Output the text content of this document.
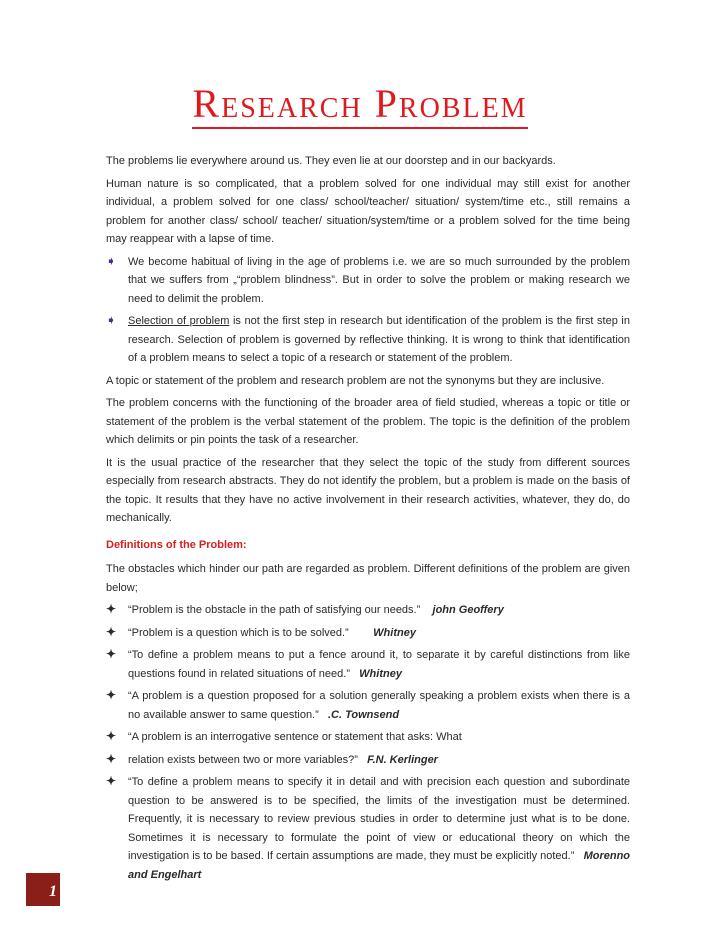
Research Problem

The problems lie everywhere around us. They even lie at our doorstep and in our backyards.

Human nature is so complicated, that a problem solved for one individual may still exist for another individual, a problem solved for one class/ school/teacher/ situation/ system/time etc., still remains a problem for another class/ school/ teacher/ situation/system/time or a problem solved for the time being may reappear with a lapse of time.

➧	We become habitual of living in the age of problems i.e. we are so much surrounded by the problem that we suffers from „“problem blindness”. But in order to solve the problem or making research we need to delimit the problem.

➧	Selection of problem is not the first step in research but identification of the problem is the first step in research. Selection of problem is governed by reflective thinking. It is wrong to think that identification of a problem means to select a topic of a research or statement of the problem.

A topic or statement of the problem and research problem are not the synonyms but they are inclusive.

The problem concerns with the functioning of the broader area of field studied, whereas a topic or title or statement of the problem is the verbal statement of the problem. The topic is the definition of the problem which delimits or pin points the task of a researcher.

It is the usual practice of the researcher that they select the topic of the study from different sources especially from research abstracts. They do not identify the problem, but a problem is made on the basis of the topic. It results that they have no active involvement in their research activities, whatever, they do, do mechanically.

Definitions of the Problem:

The obstacles which hinder our path are regarded as problem. Different definitions of the problem are given below;

✦	“Problem is the obstacle in the path of satisfying our needs.” john Geoffery

✦	“Problem is a question which is to be solved.” Whitney

✦	“To define a problem means to put a fence around it, to separate it by careful distinctions from like questions found in related situations of need.” Whitney

✦	“A problem is a question proposed for a solution generally speaking a problem exists when there is a no available answer to same question.” .C. Townsend

✦	“A problem is an interrogative sentence or statement that asks: What

✦	relation exists between two or more variables?” F.N. Kerlinger

✦	“To define a problem means to specify it in detail and with precision each question and subordinate question to be answered is to be specified, the limits of the investigation must be determined. Frequently, it is necessary to review previous studies in order to determine just what is to be done. Sometimes it is necessary to formulate the point of view or educational theory on which the investigation is to be based. If certain assumptions are made, they must be explicitly noted.” Morenno and Engelhart

1
